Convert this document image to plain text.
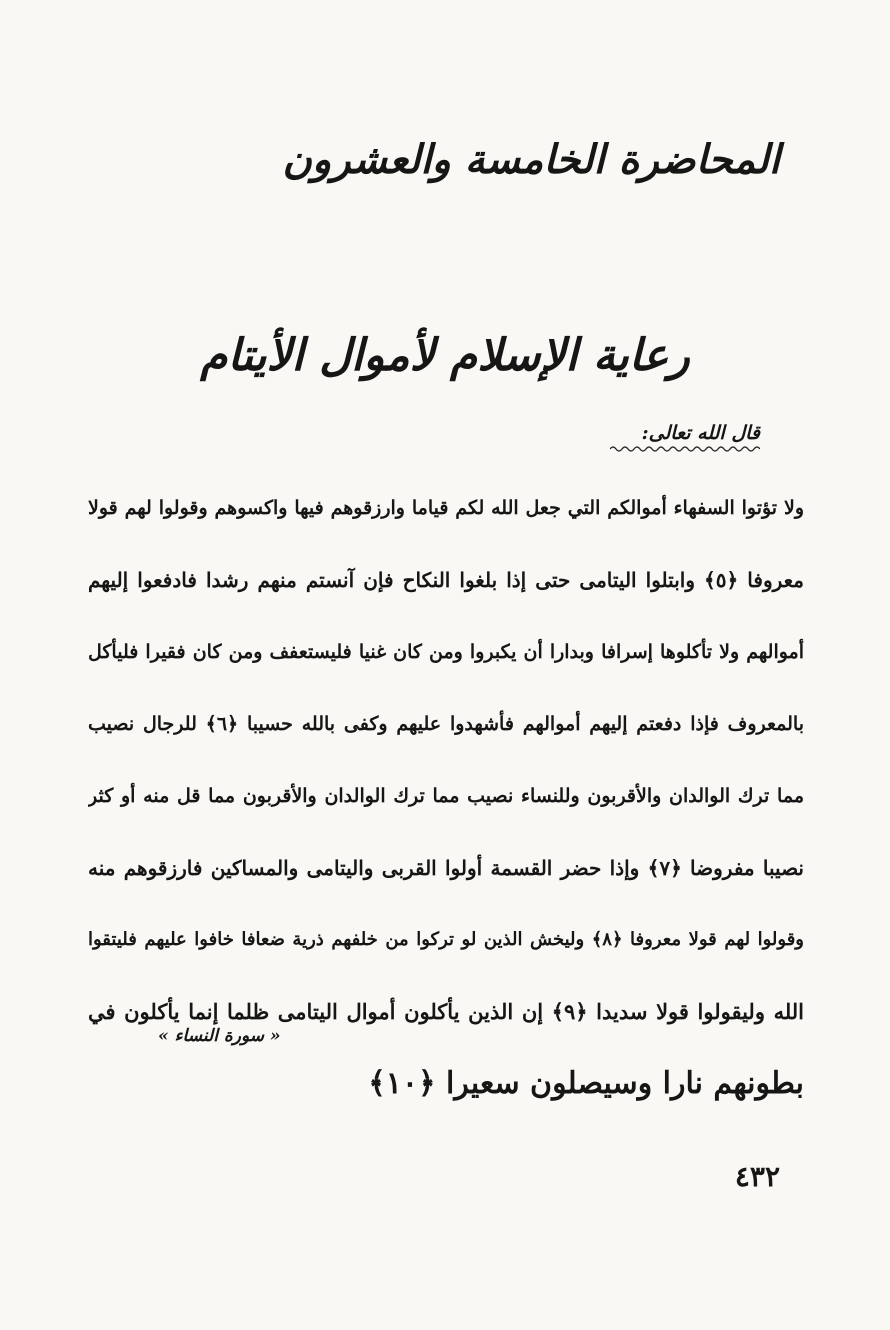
المحاضرة الخامسة والعشرون
رعاية الإسلام لأموال الأيتام
قال الله تعالى:
ولا تؤتوا السفهاء أموالكم التي جعل الله لكم قياما وارزقوهم فيها واكسوهم وقولوا لهم قولا
معروفا ﴿٥﴾ وابتلوا اليتامى حتى إذا بلغوا النكاح فإن آنستم منهم رشدا فادفعوا إليهم
أموالهم ولا تأكلوها إسرافا وبدارا أن يكبروا ومن كان غنيا فليستعفف ومن كان فقيرا فليأكل
بالمعروف فإذا دفعتم إليهم أموالهم فأشهدوا عليهم وكفى بالله حسيبا ﴿٦﴾ للرجال نصيب
مما ترك الوالدان والأقربون وللنساء نصيب مما ترك الوالدان والأقربون مما قل منه أو كثر
نصيبا مفروضا ﴿٧﴾ وإذا حضر القسمة أولوا القربى واليتامى والمساكين فارزقوهم منه
وقولوا لهم قولا معروفا ﴿٨﴾ وليخش الذين لو تركوا من خلفهم ذرية ضعافا خافوا عليهم فليتقوا
الله وليقولوا قولا سديدا ﴿٩﴾ إن الذين يأكلون أموال اليتامى ظلما إنما يأكلون في
بطونهم نارا وسيصلون سعيرا ﴿١٠﴾
« سورة النساء »
٤٣٢
